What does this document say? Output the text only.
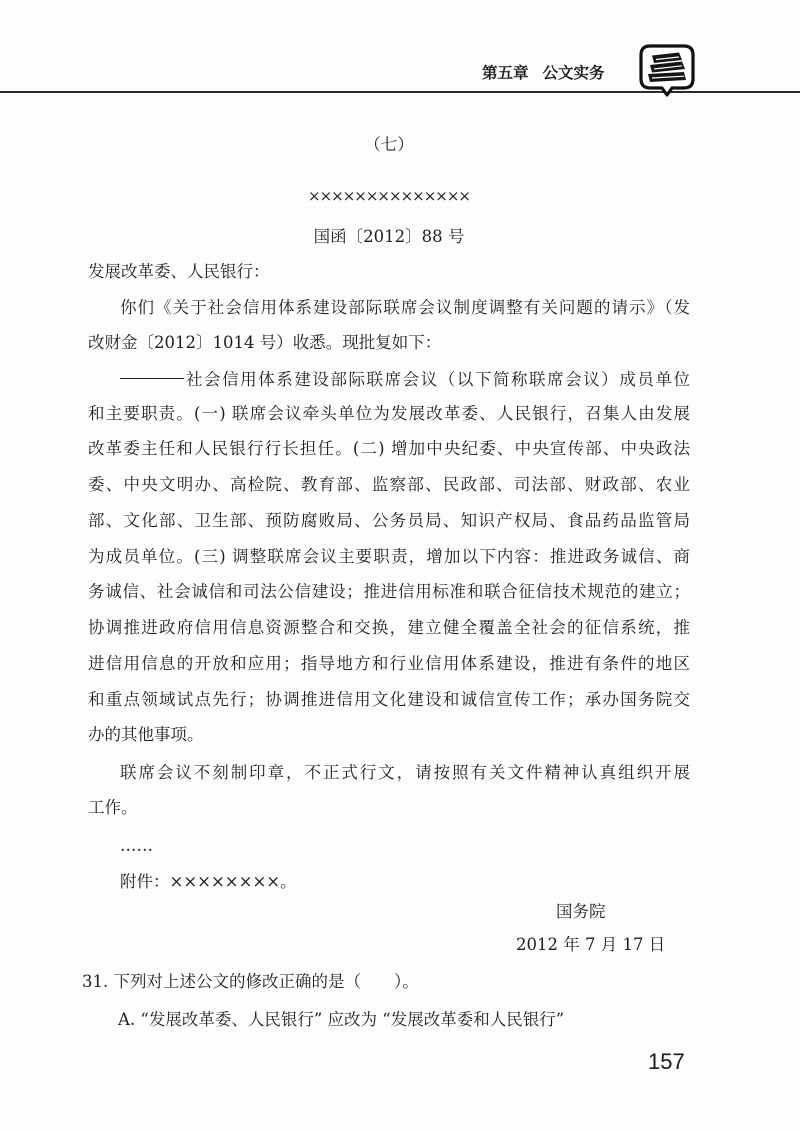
第五章 公文实务
（七）
××××××××××××××
国函〔2012〕88 号
发展改革委、人民银行：
你们《关于社会信用体系建设部际联席会议制度调整有关问题的请示》（发
改财金〔2012〕1014 号）收悉。现批复如下：
社会信用体系建设部际联席会议（以下简称联席会议）成员单位
和主要职责。(一) 联席会议牵头单位为发展改革委、人民银行，召集人由发展
改革委主任和人民银行行长担任。(二) 增加中央纪委、中央宣传部、中央政法
委、中央文明办、高检院、教育部、监察部、民政部、司法部、财政部、农业
部、文化部、卫生部、预防腐败局、公务员局、知识产权局、食品药品监管局
为成员单位。(三) 调整联席会议主要职责，增加以下内容：推进政务诚信、商
务诚信、社会诚信和司法公信建设；推进信用标准和联合征信技术规范的建立；
协调推进政府信用信息资源整合和交换，建立健全覆盖全社会的征信系统，推
进信用信息的开放和应用；指导地方和行业信用体系建设，推进有条件的地区
和重点领域试点先行；协调推进信用文化建设和诚信宣传工作；承办国务院交
办的其他事项。
联席会议不刻制印章，不正式行文，请按照有关文件精神认真组织开展
工作。
……
附件：××××××××。
国务院
2012 年 7 月 17 日
31. 下列对上述公文的修改正确的是（　　）。
A. “发展改革委、人民银行” 应改为 “发展改革委和人民银行”
157
